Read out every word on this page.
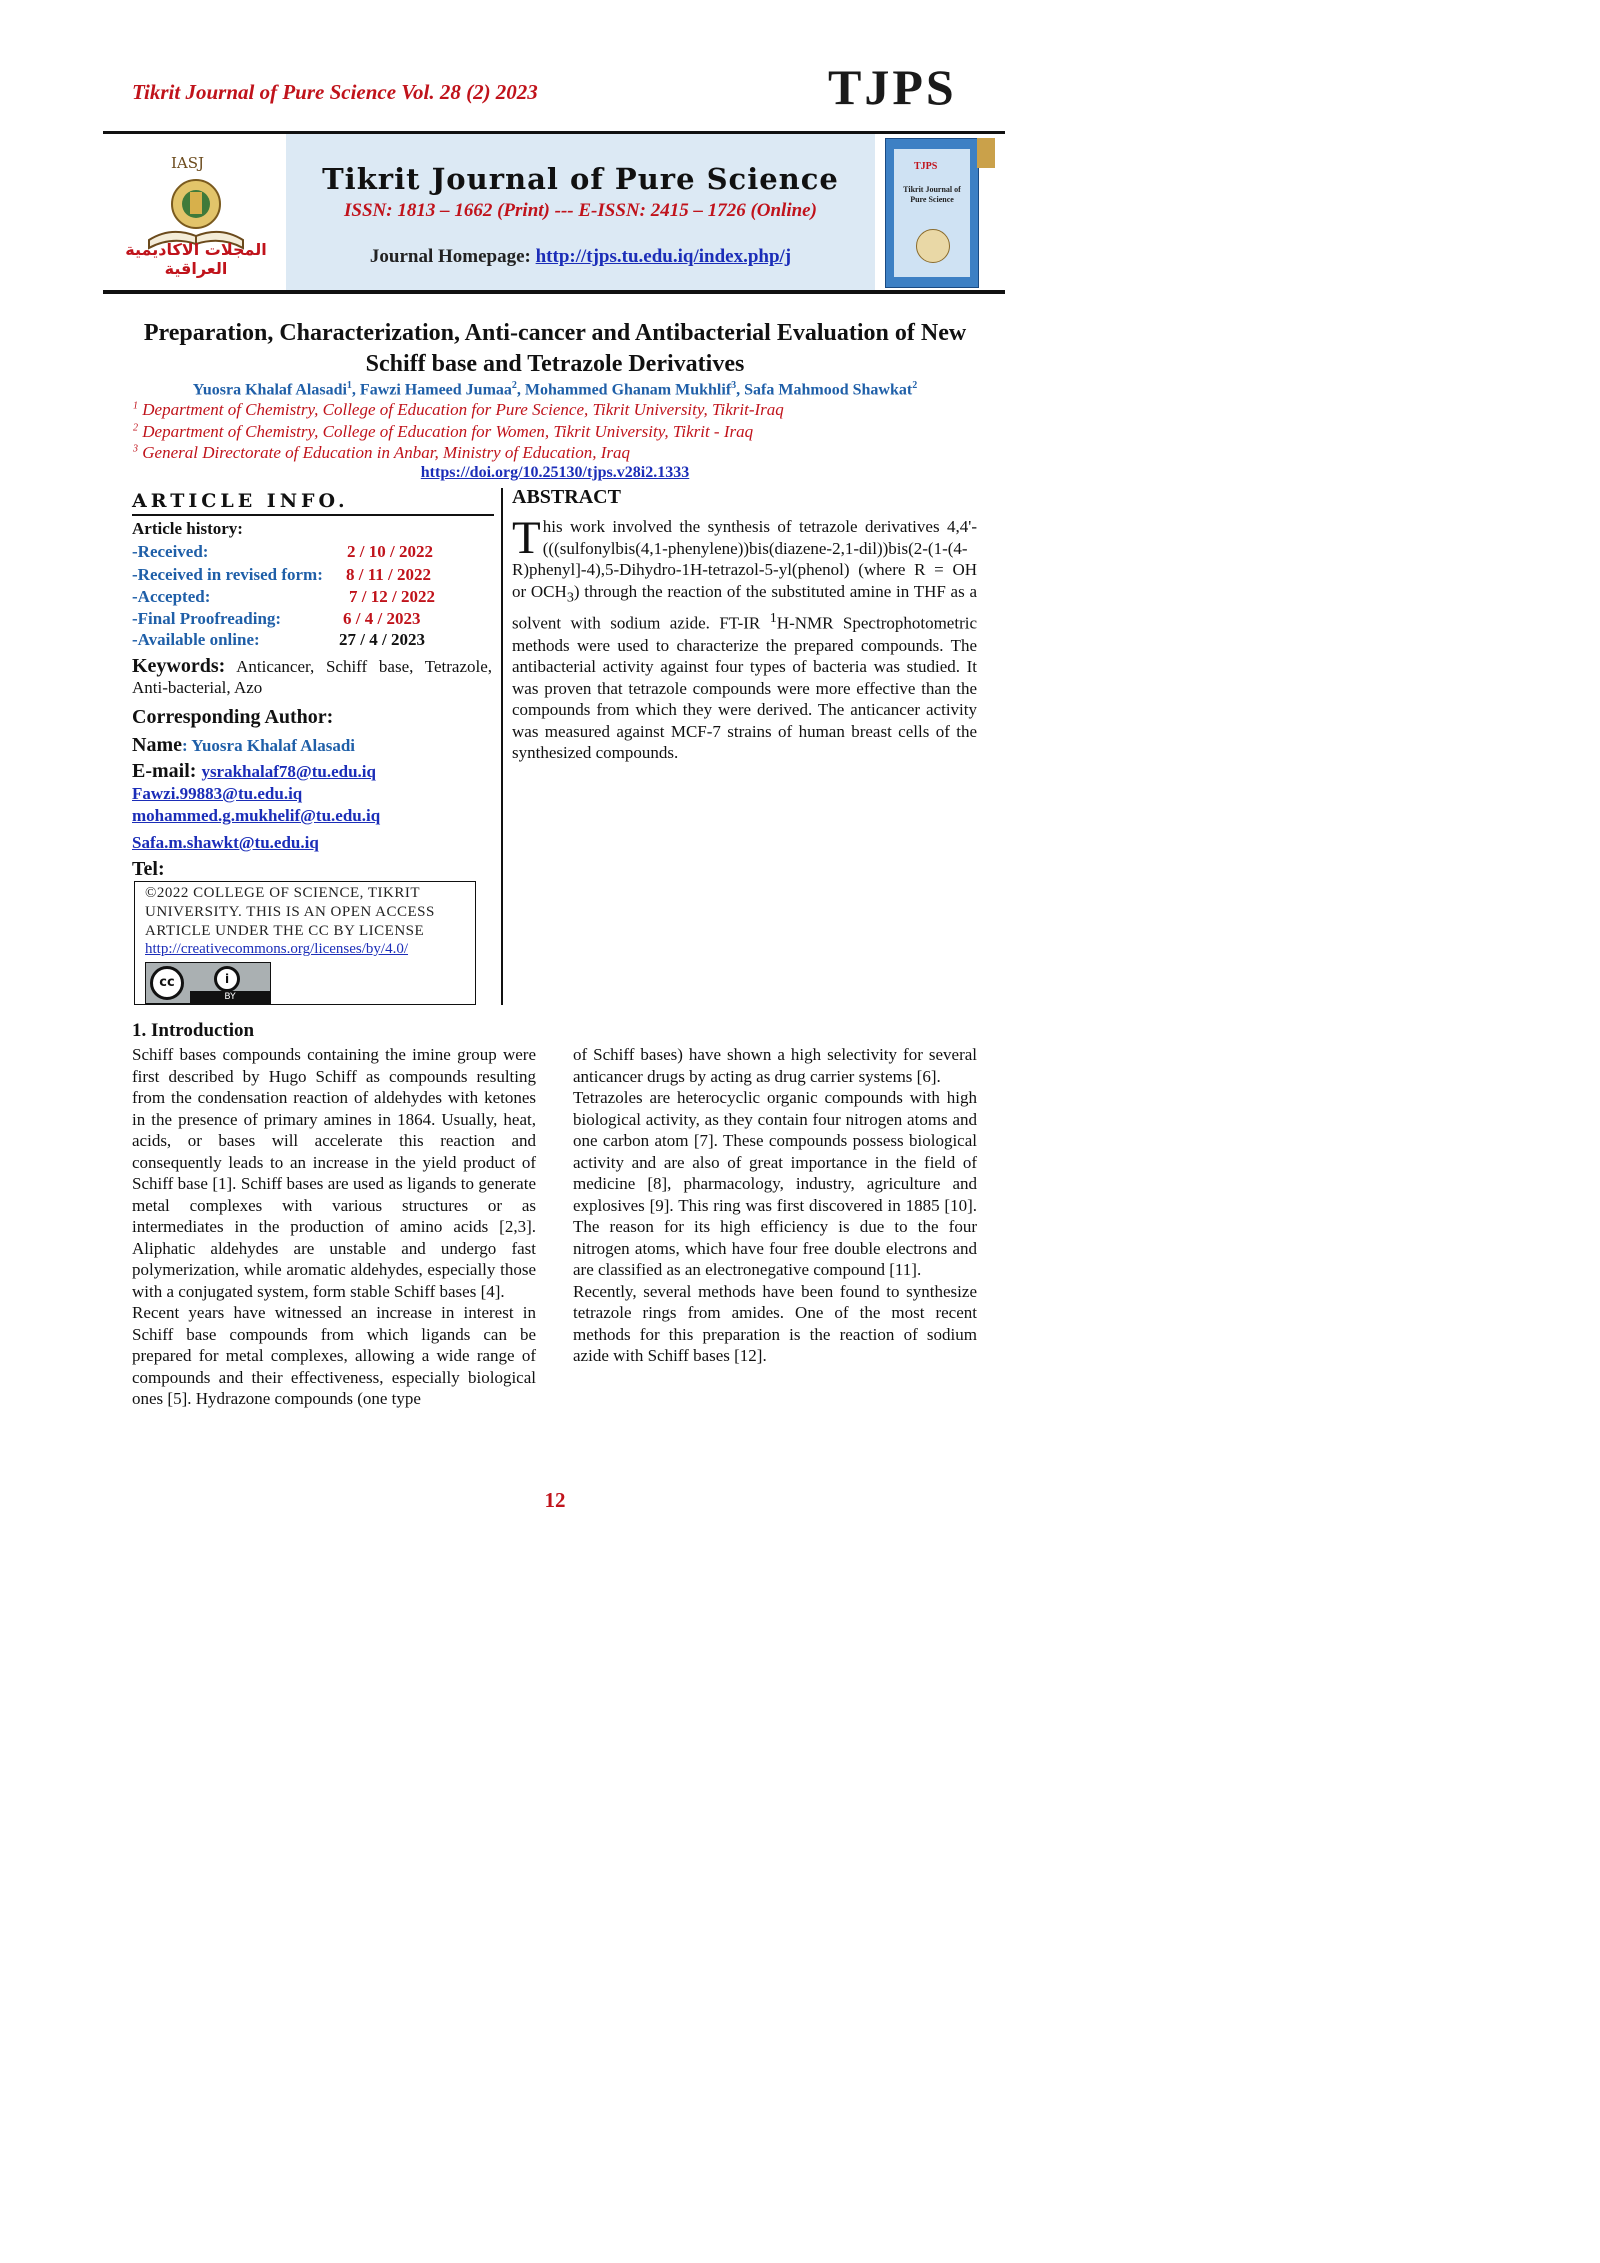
Tikrit Journal of Pure Science Vol. 28 (2) 2023	TJPS
IASJ
المجلات الاكاديمية العراقية
Tikrit Journal of Pure Science
ISSN: 1813 – 1662 (Print) --- E-ISSN: 2415 – 1726 (Online)
Journal Homepage: http://tjps.tu.edu.iq/index.php/j
TJPS
Tikrit Journal of Pure Science
Preparation, Characterization, Anti-cancer and Antibacterial Evaluation of New Schiff base and Tetrazole Derivatives
Yuosra Khalaf Alasadi$^1$, Fawzi Hameed Jumaa$^2$, Mohammed Ghanam Mukhlif$^3$, Safa Mahmood Shawkat$^2$
$^1$ Department of Chemistry, College of Education for Pure Science, Tikrit University, Tikrit-Iraq
$^2$ Department of Chemistry, College of Education for Women, Tikrit University, Tikrit - Iraq
$^3$ General Directorate of Education in Anbar, Ministry of Education, Iraq
https://doi.org/10.25130/tjps.v28i2.1333
ARTICLE INFO.
Article history:
-Received:	2 / 10 / 2022
-Received in revised form: 8 / 11 / 2022
-Accepted:	7 / 12 / 2022
-Final Proofreading:	6 / 4 / 2023
-Available online:	27 / 4 / 2023
Keywords: Anticancer, Schiff base, Tetrazole, Anti-bacterial, Azo
Corresponding Author:
Name: Yuosra Khalaf Alasadi
E-mail: ysrakhalaf78@tu.edu.iq
Fawzi.99883@tu.edu.iq
mohammed.g.mukhelif@tu.edu.iq
Safa.m.shawkt@tu.edu.iq
Tel:
©2022 COLLEGE OF SCIENCE, TIKRIT UNIVERSITY. THIS IS AN OPEN ACCESS ARTICLE UNDER THE CC BY LICENSE
http://creativecommons.org/licenses/by/4.0/
cc	i
BY
ABSTRACT
This work involved the synthesis of tetrazole derivatives 4,4'-(((sulfonylbis(4,1-phenylene))bis(diazene-2,1-dil))bis(2-(1-(4-R)phenyl]-4),5-Dihydro-1H-tetrazol-5-yl(phenol) (where R = OH or $OCH_3$) through the reaction of the substituted amine in THF as a solvent with sodium azide. FT-IR $^1$H-NMR Spectrophotometric methods were used to characterize the prepared compounds. The antibacterial activity against four types of bacteria was studied. It was proven that tetrazole compounds were more effective than the compounds from which they were derived. The anticancer activity was measured against MCF-7 strains of human breast cells of the synthesized compounds.
1. Introduction
Schiff bases compounds containing the imine group were first described by Hugo Schiff as compounds resulting from the condensation reaction of aldehydes with ketones in the presence of primary amines in 1864. Usually, heat, acids, or bases will accelerate this reaction and consequently leads to an increase in the yield product of Schiff base [1]. Schiff bases are used as ligands to generate metal complexes with various structures or as intermediates in the production of amino acids [2,3]. Aliphatic aldehydes are unstable and undergo fast polymerization, while aromatic aldehydes, especially those with a conjugated system, form stable Schiff bases [4].
Recent years have witnessed an increase in interest in Schiff base compounds from which ligands can be prepared for metal complexes, allowing a wide range of compounds and their effectiveness, especially biological ones [5]. Hydrazone compounds (one type
of Schiff bases) have shown a high selectivity for several anticancer drugs by acting as drug carrier systems [6].
Tetrazoles are heterocyclic organic compounds with high biological activity, as they contain four nitrogen atoms and one carbon atom [7]. These compounds possess biological activity and are also of great importance in the field of medicine [8], pharmacology, industry, agriculture and explosives [9]. This ring was first discovered in 1885 [10]. The reason for its high efficiency is due to the four nitrogen atoms, which have four free double electrons and are classified as an electronegative compound [11].
Recently, several methods have been found to synthesize tetrazole rings from amides. One of the most recent methods for this preparation is the reaction of sodium azide with Schiff bases [12].
12
